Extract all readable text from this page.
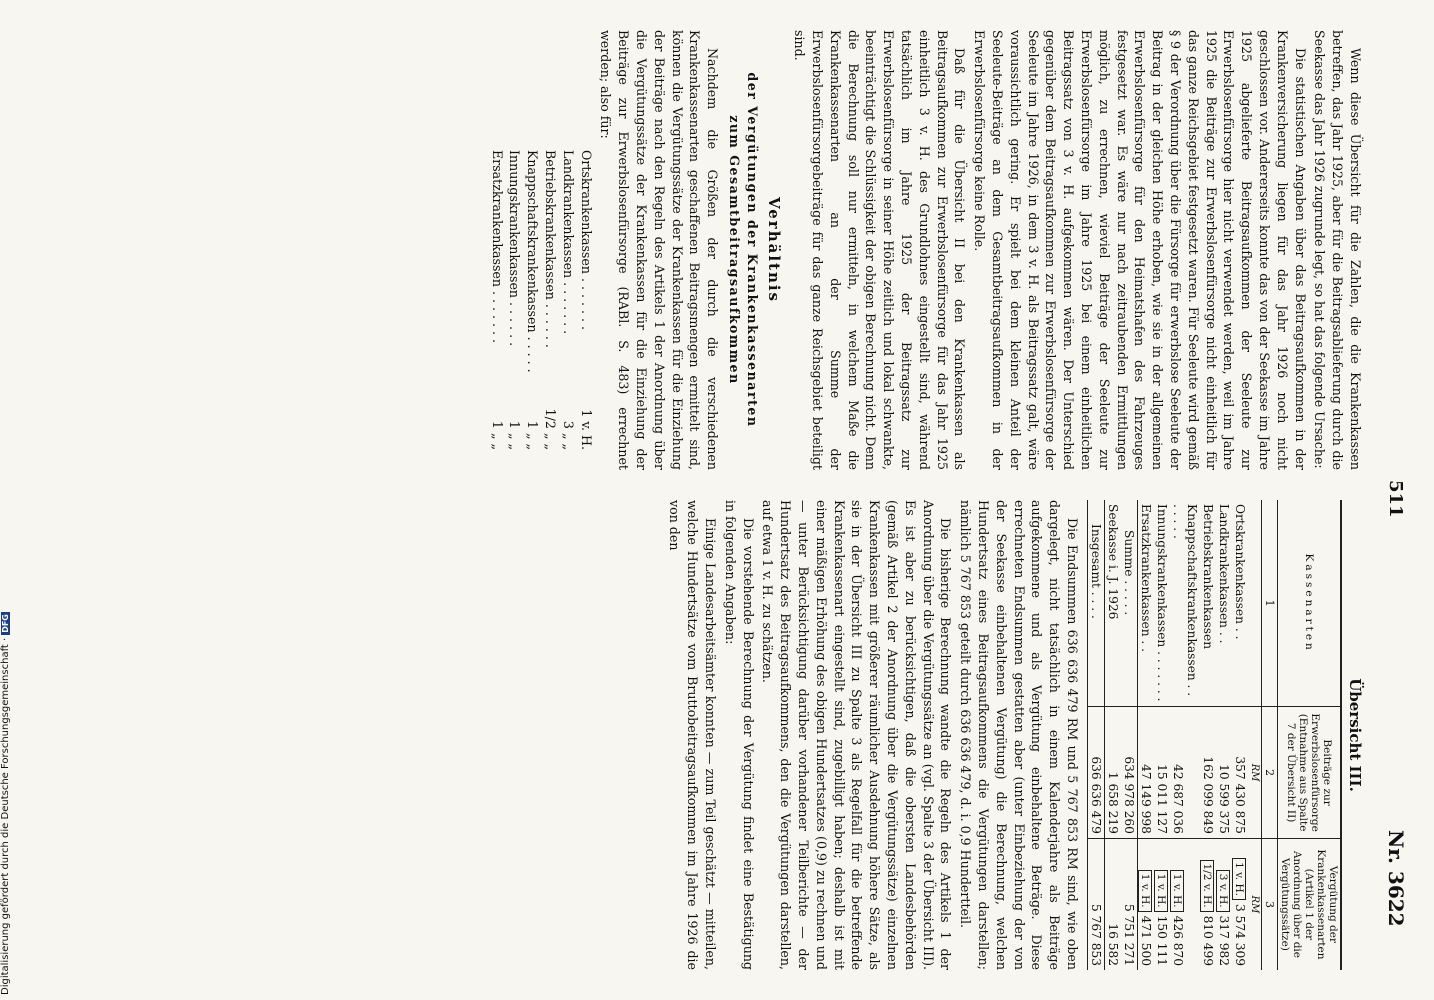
511
Nr. 3622

Wenn diese Übersicht für die Zahlen, die die Krankenkassen betreffen, das Jahr 1925, aber für die Beitragsablieferung durch die Seekasse das Jahr 1926 zugrunde legt, so hat das folgende Ursache:

Die statistischen Angaben über das Beitragsaufkommen in der Krankenversicherung liegen für das Jahr 1926 noch nicht geschlossen vor. Andererseits konnte das von der Seekasse im Jahre 1925 abgelieferte Beitragsaufkommen der Seeleute zur Erwerbslosenfürsorge hier nicht verwendet werden, weil im Jahre 1925 die Beiträge zur Erwerbslosenfürsorge nicht einheitlich für das ganze Reichsgebiet festgesetzt waren. Für Seeleute wird gemäß § 9 der Verordnung über die Fürsorge für erwerbslose Seeleute der Beitrag in der gleichen Höhe erhoben, wie sie in der allgemeinen Erwerbslosenfürsorge für den Heimatshafen des Fahrzeuges festgesetzt war. Es wäre nur nach zeitraubenden Ermittlungen möglich, zu errechnen, wieviel Beiträge der Seeleute zur Erwerbslosenfürsorge im Jahre 1925 bei einem einheitlichen Beitragssatz von 3 v. H. aufgekommen wären. Der Unterschied gegenüber dem Beitragsaufkommen zur Erwerbslosenfürsorge der Seeleute im Jahre 1926, in dem 3 v. H. als Beitragssatz galt, wäre voraussichtlich gering. Er spielt bei dem kleinen Anteil der Seeleute-Beiträge an dem Gesamtbeitragsaufkommen in der Erwerbslosenfürsorge keine Rolle.

Daß für die Übersicht II bei den Krankenkassen als Beitragsaufkommen zur Erwerbslosenfürsorge für das Jahr 1925 einheitlich 3 v. H. des Grundlohnes eingestellt sind, während tatsächlich im Jahre 1925 der Beitragssatz zur Erwerbslosenfürsorge in seiner Höhe zeitlich und lokal schwankte, beeinträchtigt die Schlüssigkeit der obigen Berechnung nicht. Denn die Berechnung soll nur ermitteln, in welchem Maße die Krankenkassenarten an der Summe der Erwerbslosenfürsorgebeiträge für das ganze Reichsgebiet beteiligt sind.

Verhältnis
der Vergütungen der Krankenkassenarten
zum Gesamtbeitragsaufkommen

Nachdem die Größen der durch die verschiedenen Krankenkassenarten geschaffenen Beitragsmengen ermittelt sind, können die Vergütungssätze der Krankenkassen für die Einziehung der Beiträge nach den Regeln des Artikels 1 der Anordnung über die Vergütungssätze der Krankenkassen für die Einziehung der Beiträge zur Erwerbslosenfürsorge (RABl. S. 483) errechnet werden; also für:

Ortskrankenkassen . . . . . . .
1 v. H.
Landkrankenkassen . . . . . . .
3 „ „
Betriebskrankenkassen . . . . . .
1/2 „ „
Knappschaftskrankenkassen . . . . .
1 „ „
Innungskrankenkassen . . . . . .
1 „ „
Ersatzkrankenkassen . . . . . . .
1 „ „
Übersicht III.
Kassenarten	Beiträge zur Erwerbslosenfürsorge (Entnahme aus Spalte 7 der Übersicht II)	Vergütung der Krankenkassenarten (Artikel 1 der Anordnung über die Vergütungssätze)
1	2	3
	RM	RM
Ortskrankenkassen . .	357 430 875	1 v. H.3 574 309
Landkrankenkassen . .	10 599 375	3 v. H.317 982
Betriebskrankenkassen	162 099 849	1/2 v. H.810 499
Knappschaftskrankenkassen . . . . . . .	42 687 036	1 v. H.426 870
Innungskrankenkassen . . . . . . .	15 011 127	1 v. H.150 111
Ersatzkrankenkassen . .	47 149 998	1 v. H.471 500
Summe . . . . .	634 978 260	5 751 271
Seekasse i. J. 1926	1 658 219	16 582
Insgesamt . . . .	636 636 479	5 767 853

Die Endsummen 636 636 479 RM und 5 767 853 RM sind, wie oben dargelegt, nicht tatsächlich in einem Kalenderjahre als Beiträge aufgekommene und als Vergütung einbehaltene Beträge. Diese errechneten Endsummen gestatten aber (unter Einbeziehung der von der Seekasse einbehaltenen Vergütung) die Berechnung, welchen Hundertsatz eines Beitragsaufkommens die Vergütungen darstellen; nämlich 5 767 853 geteilt durch 636 636 479, d. i. 0,9 Hundertteil.

Die bisherige Berechnung wandte die Regeln des Artikels 1 der Anordnung über die Vergütungssätze an (vgl. Spalte 3 der Übersicht III). Es ist aber zu berücksichtigen, daß die obersten Landesbehörden (gemäß Artikel 2 der Anordnung über die Vergütungssätze) einzelnen Krankenkassen mit größerer räumlicher Ausdehnung höhere Sätze, als sie in der Übersicht III zu Spalte 3 als Regelfall für die betreffende Krankenkassenart eingestellt sind, zugebilligt haben; deshalb ist mit einer mäßigen Erhöhung des obigen Hundertsatzes (0,9) zu rechnen und — unter Berücksichtigung darüber vorhandener Teilberichte — der Hundertsatz des Beitragsaufkommens, den die Vergütungen darstellen, auf etwa 1 v. H. zu schätzen.

Die vorstehende Berechnung der Vergütung findet eine Bestätigung in folgenden Angaben:

Einige Landesarbeitsämter konnten — zum Teil geschätzt — mitteilen, welche Hundertsätze vom Bruttobeitragsaufkommen im Jahre 1926 die von den

Digitalisierung gefördert durch die Deutsche Forschungsgemeinschaft ·DFG
